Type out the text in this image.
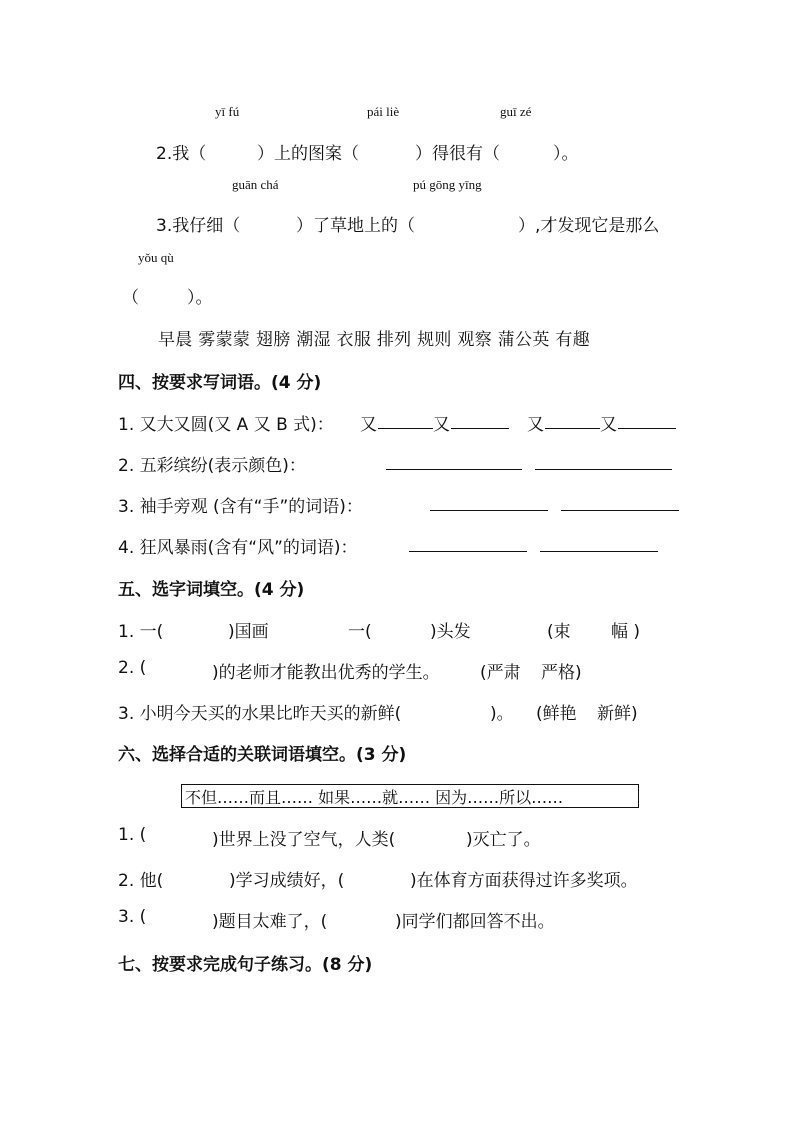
yī fú	pái liè	guī zé
2.我（	）上的图案（	）得很有（	）。
guān chá	pú gōng yīng
3.我仔细（	）了草地上的（	）,才发现它是那么
yǒu qù
（	）。
早晨 雾蒙蒙 翅膀 潮湿 衣服 排列 规则 观察 蒲公英 有趣
四、按要求写词语。(4 分)
1. 又大又圆(又 A 又 B 式)： 又	又	又	又
2. 五彩缤纷(表示颜色)：
3. 袖手旁观 (含有“手”的词语)：
4. 狂风暴雨(含有“风”的词语)：
五、选字词填空。(4 分)
1. 一(	)国画	一(	)头发	(束 幅 )
2. (	)的老师才能教出优秀的学生。 (严肃 严格)
3. 小明今天买的水果比昨天买的新鲜(	)。 (鲜艳 新鲜)
六、选择合适的关联词语填空。(3 分)
不但……而且…… 如果……就…… 因为……所以……
1. (	)世界上没了空气，人类(	)灭亡了。
2. 他(	)学习成绩好，(	)在体育方面获得过许多奖项。
3. (	)题目太难了，(	)同学们都回答不出。
七、按要求完成句子练习。(8 分)
